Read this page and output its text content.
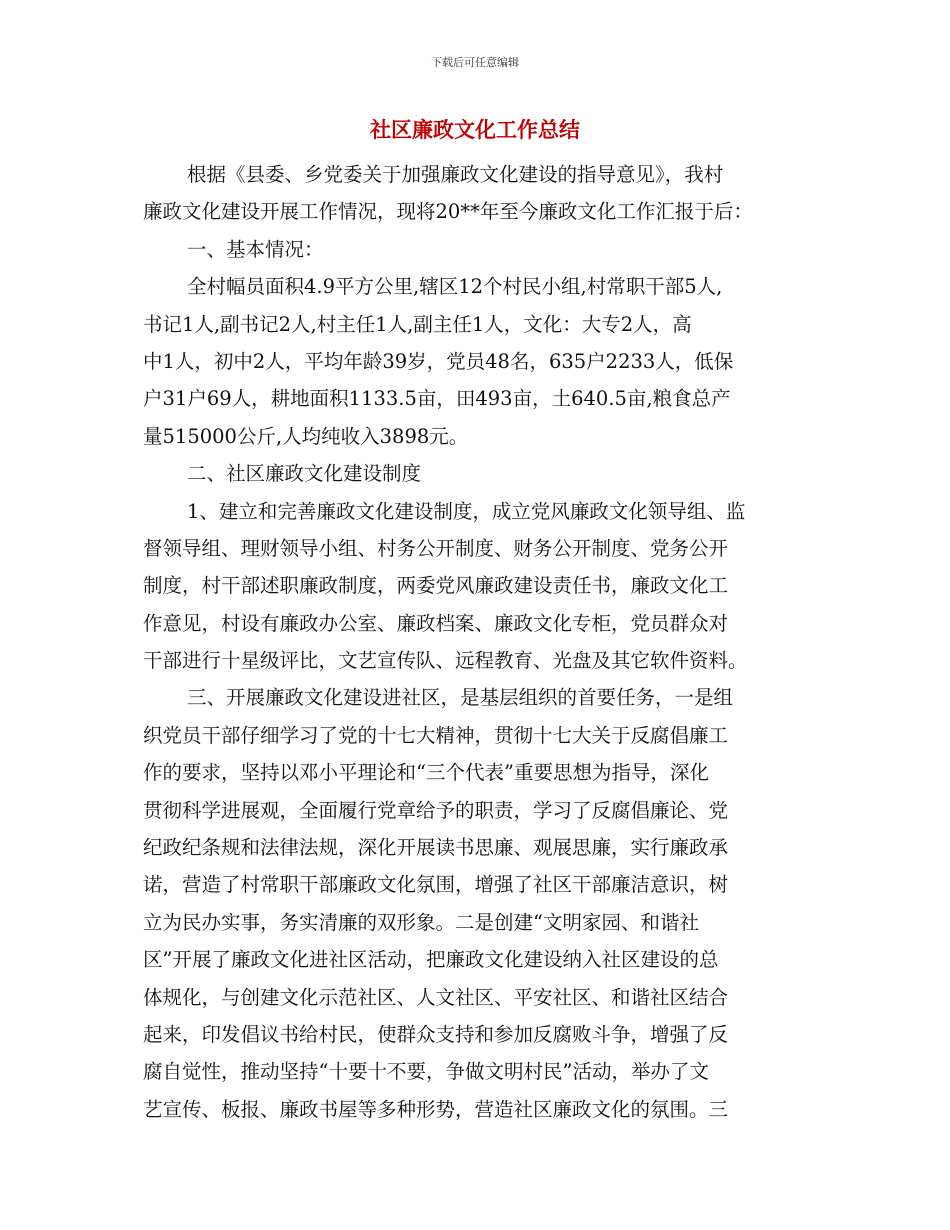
下载后可任意编辑
社区廉政文化工作总结
根据《县委、乡党委关于加强廉政文化建设的指导意见》，我村
廉政文化建设开展工作情况，现将20**年至今廉政文化工作汇报于后：
一、基本情况：
全村幅员面积4.9平方公里,辖区12个村民小组,村常职干部5人,
书记1人,副书记2人,村主任1人,副主任1人，文化：大专2人，高
中1人，初中2人，平均年龄39岁，党员48名，635户2233人，低保
户31户69人，耕地面积1133.5亩，田493亩，土640.5亩,粮食总产
量515000公斤,人均纯收入3898元。
二、社区廉政文化建设制度
1、建立和完善廉政文化建设制度，成立党风廉政文化领导组、监
督领导组、理财领导小组、村务公开制度、财务公开制度、党务公开
制度，村干部述职廉政制度，两委党风廉政建设责任书，廉政文化工
作意见，村设有廉政办公室、廉政档案、廉政文化专柜，党员群众对
干部进行十星级评比，文艺宣传队、远程教育、光盘及其它软件资料。
三、开展廉政文化建设进社区，是基层组织的首要任务，一是组
织党员干部仔细学习了党的十七大精神，贯彻十七大关于反腐倡廉工
作的要求，坚持以邓小平理论和“三个代表”重要思想为指导，深化
贯彻科学进展观，全面履行党章给予的职责，学习了反腐倡廉论、党
纪政纪条规和法律法规，深化开展读书思廉、观展思廉，实行廉政承
诺，营造了村常职干部廉政文化氛围，增强了社区干部廉洁意识，树
立为民办实事，务实清廉的双形象。二是创建“文明家园、和谐社
区”开展了廉政文化进社区活动，把廉政文化建设纳入社区建设的总
体规化，与创建文化示范社区、人文社区、平安社区、和谐社区结合
起来，印发倡议书给村民，使群众支持和参加反腐败斗争，增强了反
腐自觉性，推动坚持“十要十不要，争做文明村民”活动，举办了文
艺宣传、板报、廉政书屋等多种形势，营造社区廉政文化的氛围。三
